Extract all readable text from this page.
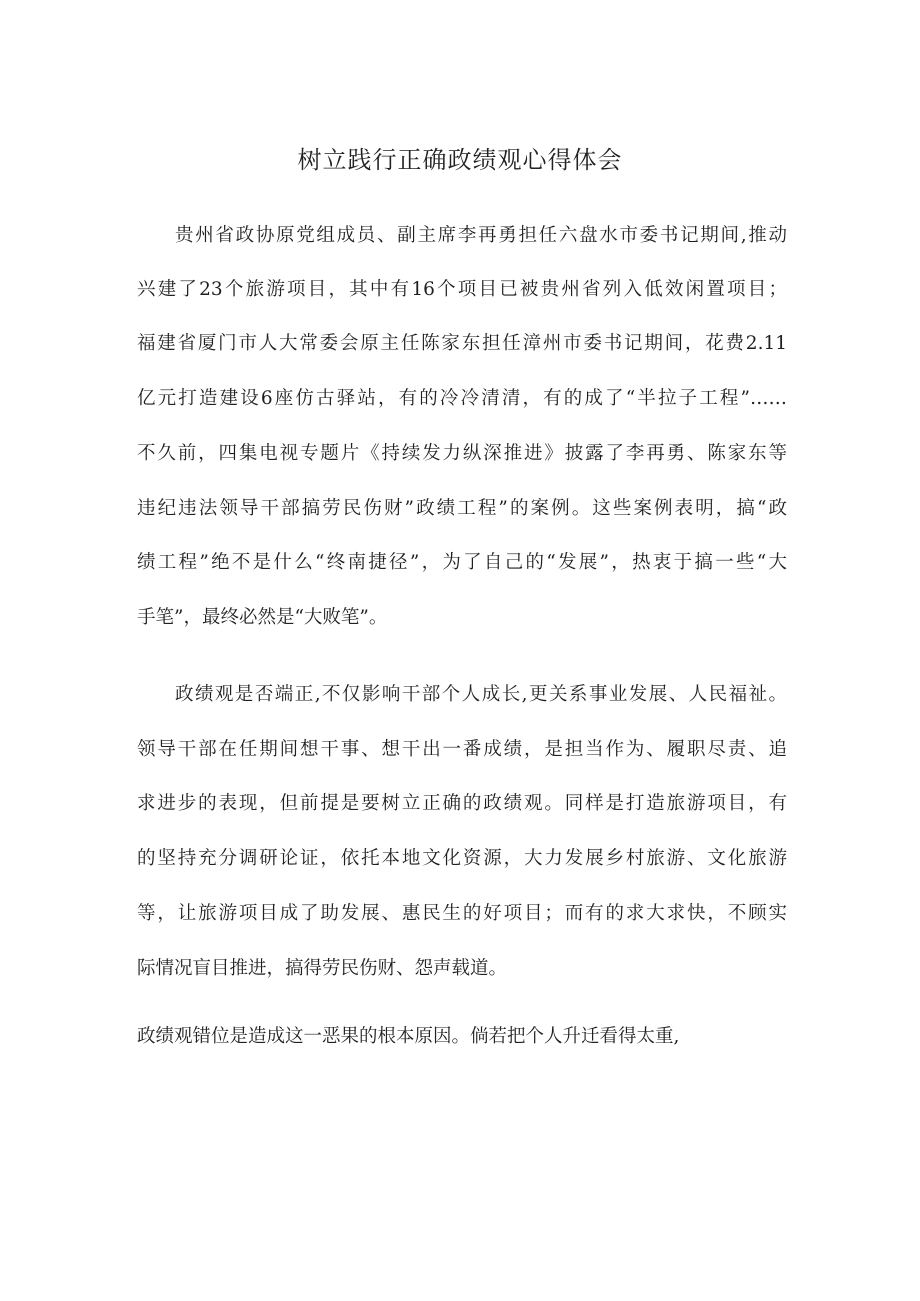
树立践行正确政绩观心得体会
贵州省政协原党组成员、副主席李再勇担任六盘水市委书记期间,推动
兴建了23个旅游项目，其中有16个项目已被贵州省列入低效闲置项目；
福建省厦门市人大常委会原主任陈家东担任漳州市委书记期间，花费2.11
亿元打造建设6座仿古驿站，有的冷冷清清，有的成了“半拉子工程”……
不久前，四集电视专题片《持续发力纵深推进》披露了李再勇、陈家东等
违纪违法领导干部搞劳民伤财”政绩工程”的案例。这些案例表明，搞“政
绩工程”绝不是什么“终南捷径”，为了自己的“发展”，热衷于搞一些“大
手笔”，最终必然是“大败笔”。
政绩观是否端正,不仅影响干部个人成长,更关系事业发展、人民福祉。
领导干部在任期间想干事、想干出一番成绩，是担当作为、履职尽责、追
求进步的表现，但前提是要树立正确的政绩观。同样是打造旅游项目，有
的坚持充分调研论证，依托本地文化资源，大力发展乡村旅游、文化旅游
等，让旅游项目成了助发展、惠民生的好项目；而有的求大求快，不顾实
际情况盲目推进，搞得劳民伤财、怨声载道。
政绩观错位是造成这一恶果的根本原因。倘若把个人升迁看得太重,
